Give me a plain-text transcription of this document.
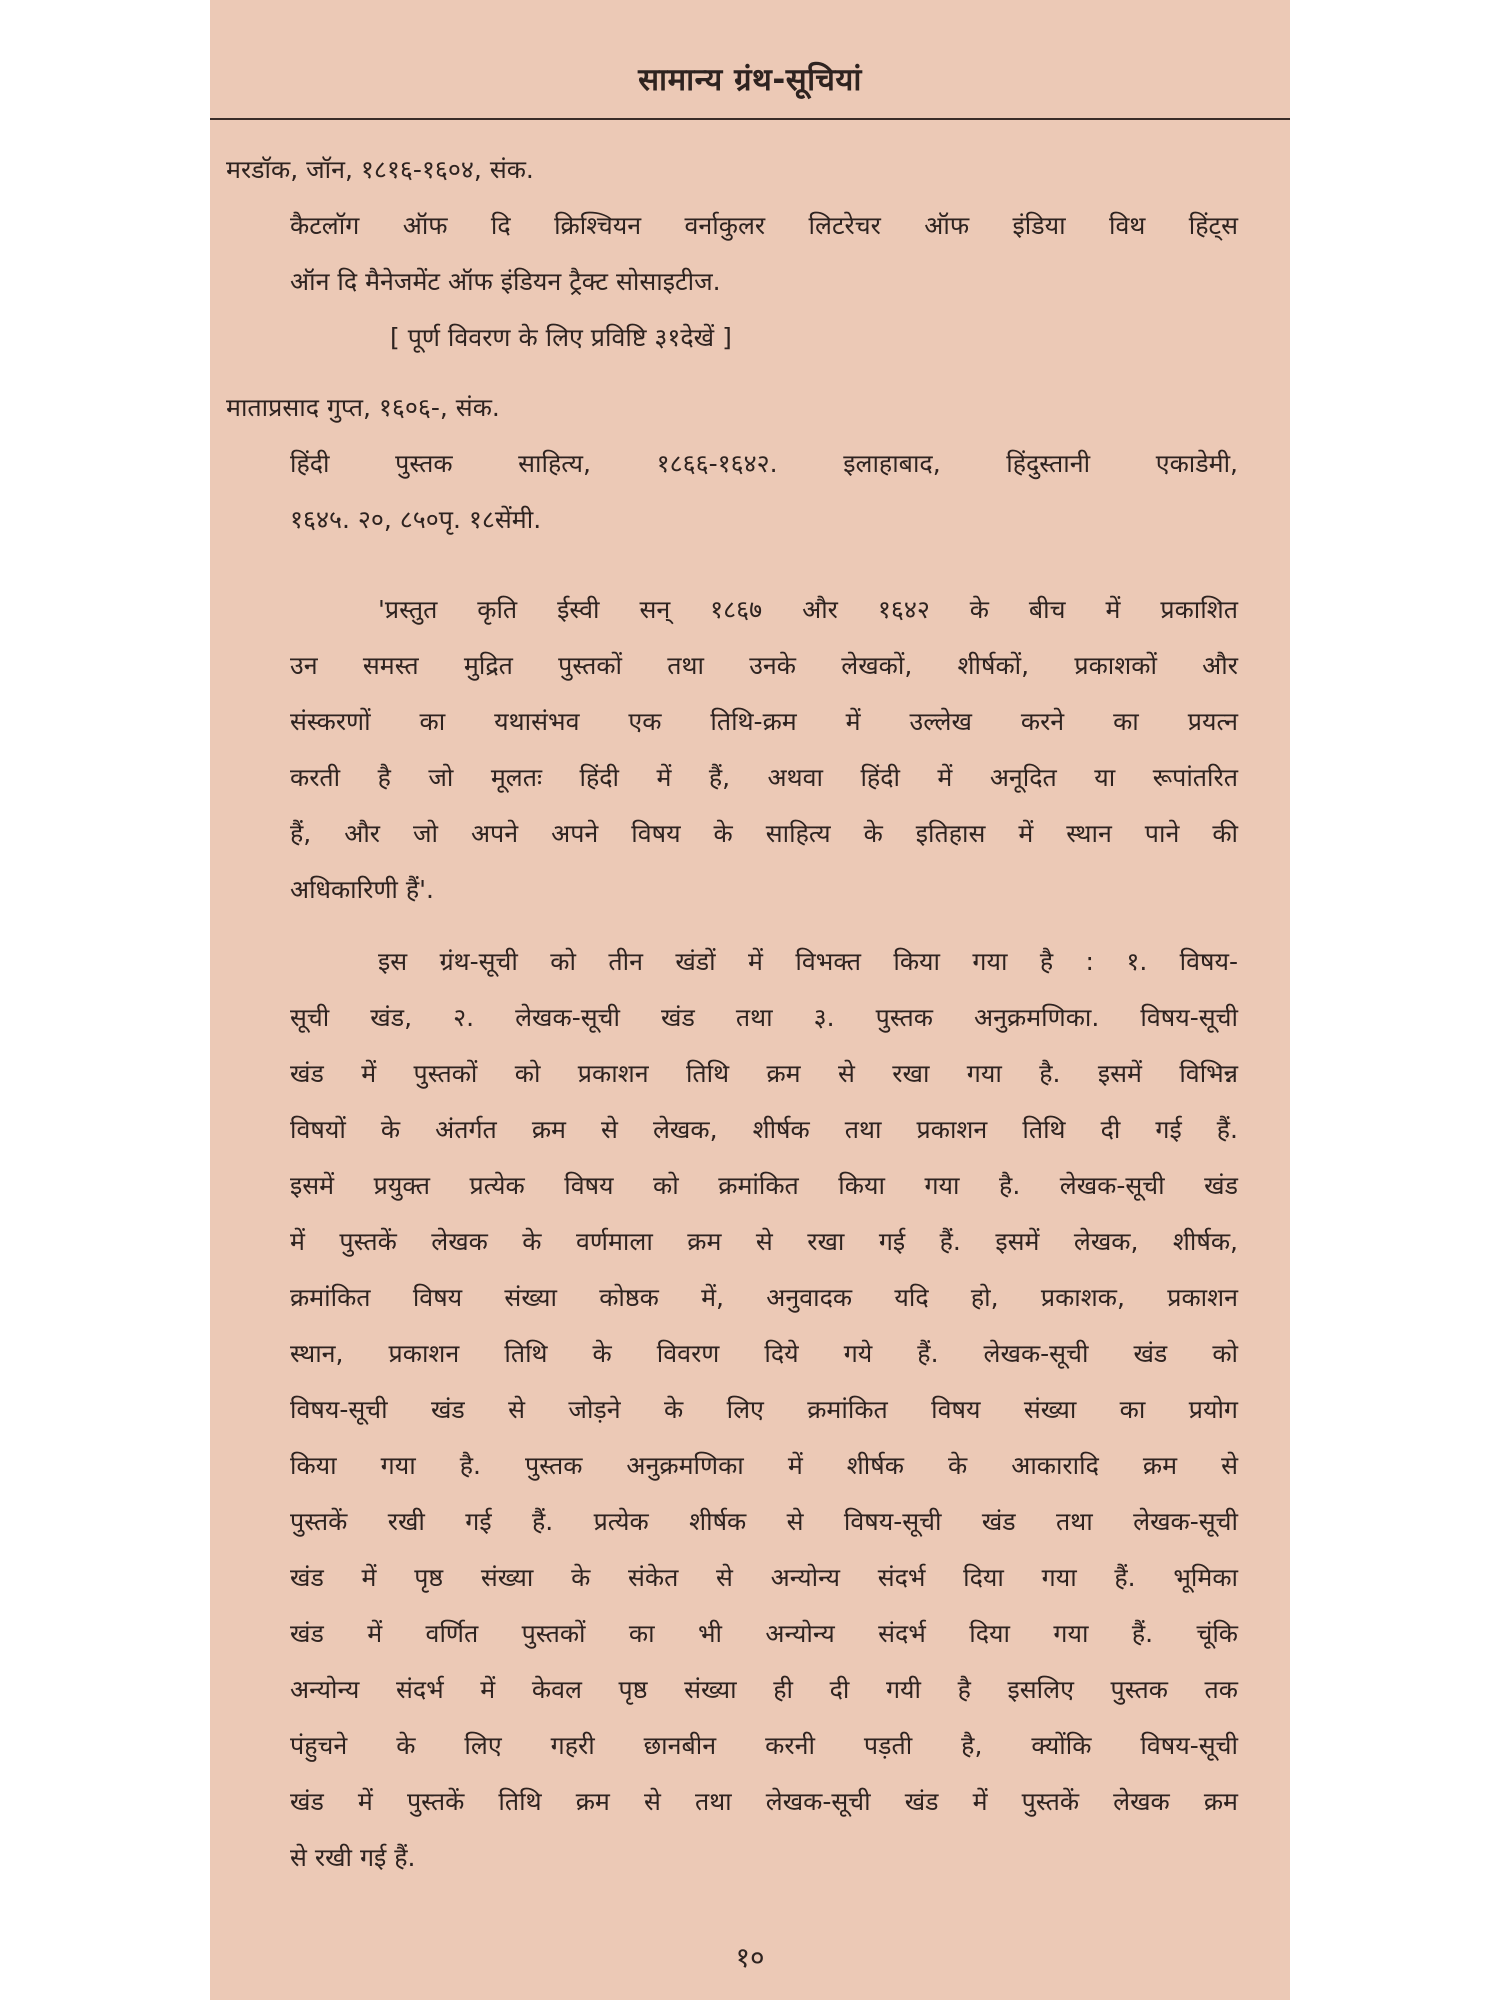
सामान्य ग्रंथ-सूचियां
मरडॉक, जॉन, १८१६-१६०४, संक.
कैटलॉग ऑफ दि क्रिश्चियन वर्नाकुलर लिटरेचर ऑफ इंडिया विथ हिंट्स
ऑन दि मैनेजमेंट ऑफ इंडियन ट्रैक्ट सोसाइटीज.
[ पूर्ण विवरण के लिए प्रविष्टि ३१देखें ]
माताप्रसाद गुप्त, १६०६-, संक.
हिंदी पुस्तक साहित्य, १८६६-१६४२. इलाहाबाद, हिंदुस्तानी एकाडेमी,
१६४५. २०, ८५०पृ. १८सेंमी.
'प्रस्तुत कृति ईस्वी सन् १८६७ और १६४२ के बीच में प्रकाशित
उन समस्त मुद्रित पुस्तकों तथा उनके लेखकों, शीर्षकों, प्रकाशकों और
संस्करणों का यथासंभव एक तिथि-क्रम में उल्लेख करने का प्रयत्न
करती है जो मूलतः हिंदी में हैं, अथवा हिंदी में अनूदित या रूपांतरित
हैं, और जो अपने अपने विषय के साहित्य के इतिहास में स्थान पाने की
अधिकारिणी हैं'.
इस ग्रंथ-सूची को तीन खंडों में विभक्त किया गया है : १. विषय-
सूची खंड, २. लेखक-सूची खंड तथा ३. पुस्तक अनुक्रमणिका. विषय-सूची
खंड में पुस्तकों को प्रकाशन तिथि क्रम से रखा गया है. इसमें विभिन्न
विषयों के अंतर्गत क्रम से लेखक, शीर्षक तथा प्रकाशन तिथि दी गई हैं.
इसमें प्रयुक्त प्रत्येक विषय को क्रमांकित किया गया है. लेखक-सूची खंड
में पुस्तकें लेखक के वर्णमाला क्रम से रखा गई हैं. इसमें लेखक, शीर्षक,
क्रमांकित विषय संख्या कोष्ठक में, अनुवादक यदि हो, प्रकाशक, प्रकाशन
स्थान, प्रकाशन तिथि के विवरण दिये गये हैं. लेखक-सूची खंड को
विषय-सूची खंड से जोड़ने के लिए क्रमांकित विषय संख्या का प्रयोग
किया गया है. पुस्तक अनुक्रमणिका में शीर्षक के आकारादि क्रम से
पुस्तकें रखी गई हैं. प्रत्येक शीर्षक से विषय-सूची खंड तथा लेखक-सूची
खंड में पृष्ठ संख्या के संकेत से अन्योन्य संदर्भ दिया गया हैं. भूमिका
खंड में वर्णित पुस्तकों का भी अन्योन्य संदर्भ दिया गया हैं. चूंकि
अन्योन्य संदर्भ में केवल पृष्ठ संख्या ही दी गयी है इसलिए पुस्तक तक
पंहुचने के लिए गहरी छानबीन करनी पड़ती है, क्योंकि विषय-सूची
खंड में पुस्तकें तिथि क्रम से तथा लेखक-सूची खंड में पुस्तकें लेखक क्रम
से रखी गई हैं.
१०
